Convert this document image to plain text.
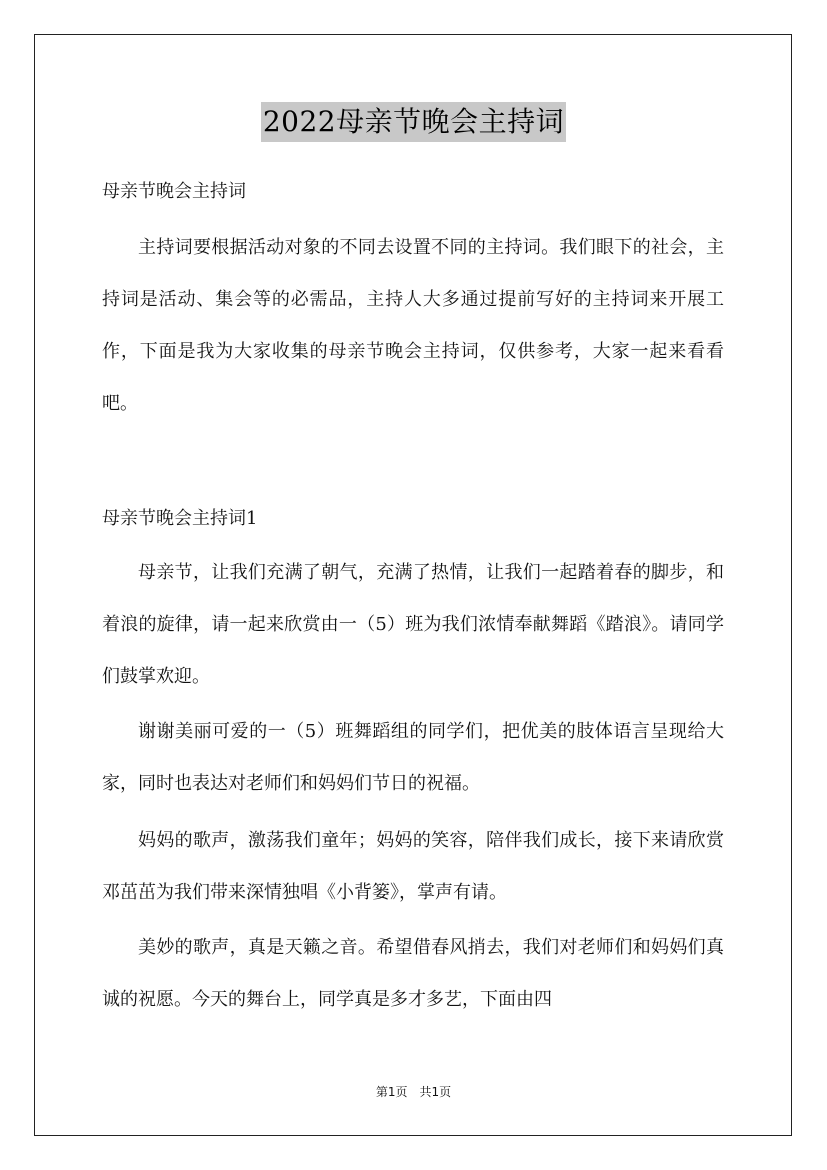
2022母亲节晚会主持词

母亲节晚会主持词

主持词要根据活动对象的不同去设置不同的主持词。我们眼下的社会，主持词是活动、集会等的必需品，主持人大多通过提前写好的主持词来开展工作，下面是我为大家收集的母亲节晚会主持词，仅供参考，大家一起来看看吧。

母亲节晚会主持词1

母亲节，让我们充满了朝气，充满了热情，让我们一起踏着春的脚步，和着浪的旋律，请一起来欣赏由一（5）班为我们浓情奉献舞蹈《踏浪》。请同学们鼓掌欢迎。

谢谢美丽可爱的一（5）班舞蹈组的同学们，把优美的肢体语言呈现给大家，同时也表达对老师们和妈妈们节日的祝福。

妈妈的歌声，激荡我们童年；妈妈的笑容，陪伴我们成长，接下来请欣赏邓茁茁为我们带来深情独唱《小背篓》，掌声有请。

美妙的歌声，真是天籁之音。希望借春风捎去，我们对老师们和妈妈们真诚的祝愿。今天的舞台上，同学真是多才多艺，下面由四

第1页　共1页
